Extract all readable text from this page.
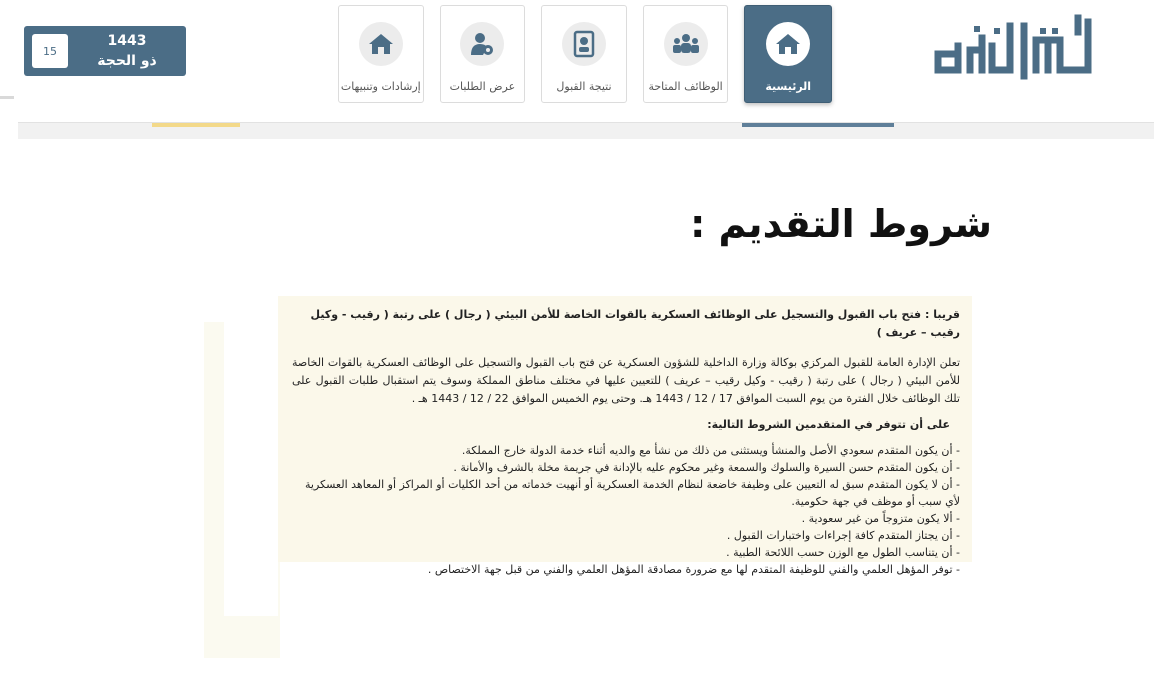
الرئيسية
الوظائف المتاحة
نتيجة القبول
عرض الطلبات
إرشادات وتنبيهات
15
1443
ذو الحجة
شروط التقديم :
قريبا : فتح باب القبول والتسجيل على الوظائف العسكرية بالقوات الخاصة للأمن البيئي ( رجال ) على رتبة ( رقيب - وكيل رقيب – عريف )
تعلن الإدارة العامة للقبول المركزي بوكالة وزارة الداخلية للشؤون العسكرية عن فتح باب القبول والتسجيل على الوظائف العسكرية بالقوات الخاصة للأمن البيئي ( رجال ) على رتبة ( رقيب - وكيل رقيب – عريف ) للتعيين عليها في مختلف مناطق المملكة وسوف يتم استقبال طلبات القبول على تلك الوظائف خلال الفترة من يوم السبت الموافق 17 / 12 / 1443 هـ. وحتى يوم الخميس الموافق 22 / 12 / 1443 هـ .
على أن تتوفر في المتقدمين الشروط التالية:
- أن يكون المتقدم سعودي الأصل والمنشأ ويستثنى من ذلك من نشأ مع والديه أثناء خدمة الدولة خارج المملكة.
- أن يكون المتقدم حسن السيرة والسلوك والسمعة وغير محكوم عليه بالإدانة في جريمة مخلة بالشرف والأمانة .
- أن لا يكون المتقدم سبق له التعيين على وظيفة خاضعة لنظام الخدمة العسكرية أو أنهيت خدماته من أحد الكليات أو المراكز أو المعاهد العسكرية لأي سبب أو موظف في جهة حكومية.
- ألا يكون متزوجاً من غير سعودية .
- أن يجتاز المتقدم كافة إجراءات واختبارات القبول .
- أن يتناسب الطول مع الوزن حسب اللائحة الطبية .
- توفر المؤهل العلمي والفني للوظيفة المتقدم لها مع ضرورة مصادقة المؤهل العلمي والفني من قبل جهة الاختصاص .
